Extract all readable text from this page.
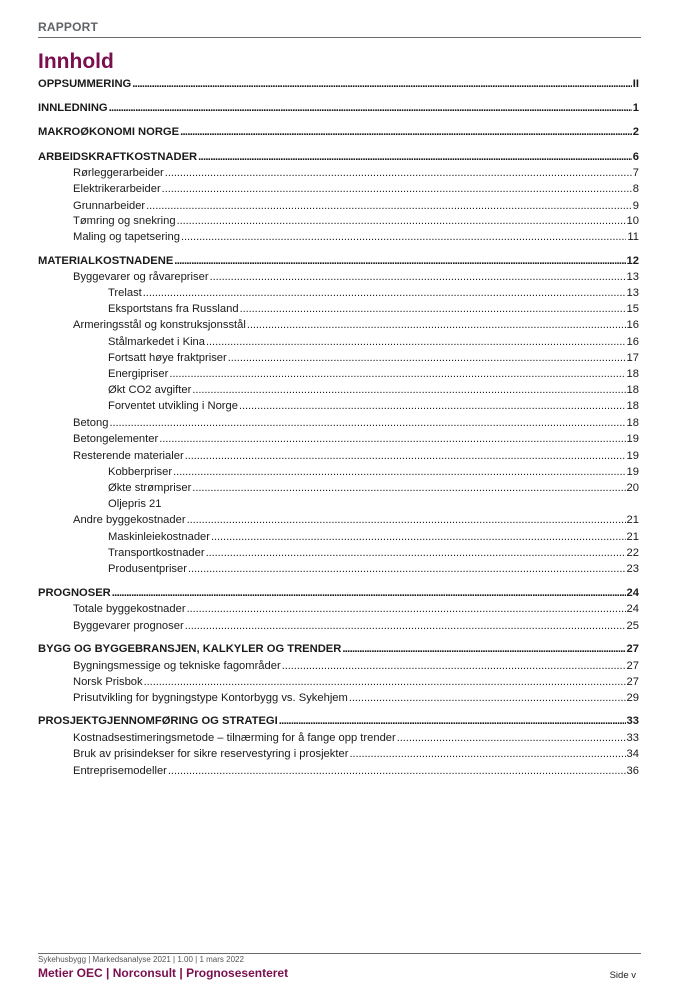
RAPPORT
Innhold
OPPSUMMERING . . .	II
INNLEDNING . . .	1
MAKROØKONOMI NORGE . . .	2
ARBEIDSKRAFTKOSTNADER . . .	6
Rørleggerarbeider . . .	7
Elektrikerarbeider . . .	8
Grunnarbeider . . .	9
Tømring og snekring . . .	10
Maling og tapetsering . . .	11
MATERIALKOSTNADENE . . .	12
Byggevarer og råvarepriser . . .	13
Trelast . . .	13
Eksportstans fra Russland . . .	15
Armeringsstål og konstruksjonsstål . . .	16
Stålmarkedet i Kina . . .	16
Fortsatt høye fraktpriser . . .	17
Energipriser . . .	18
Økt CO2 avgifter . . .	18
Forventet utvikling i Norge . . .	18
Betong . . .	18
Betongelementer . . .	19
Resterende materialer . . .	19
Kobberpriser . . .	19
Økte strømpriser . . .	20
Oljepris 21
Andre byggekostnader . . .	21
Maskinleiekostnader . . .	21
Transportkostnader . . .	22
Produsentpriser . . .	23
PROGNOSER . . .	24
Totale byggekostnader . . .	24
Byggevarer prognoser . . .	25
BYGG OG BYGGEBRANSJEN, KALKYLER OG TRENDER . . .	27
Bygningsmessige og tekniske fagområder . . .	27
Norsk Prisbok . . .	27
Prisutvikling for bygningstype Kontorbygg vs. Sykehjem . . .	29
PROSJEKTGJENNOMFØRING OG STRATEGI . . .	33
Kostnadsestimeringsmetode – tilnærming for å fange opp trender . . .	33
Bruk av prisindekser for sikre reservestyring i prosjekter . . .	34
Entreprisemodeller . . .	36
Sykehusbygg | Markedsanalyse 2021 | 1.00 | 1 mars 2022
Metier OEC | Norconsult | Prognosesenteret	Side v
